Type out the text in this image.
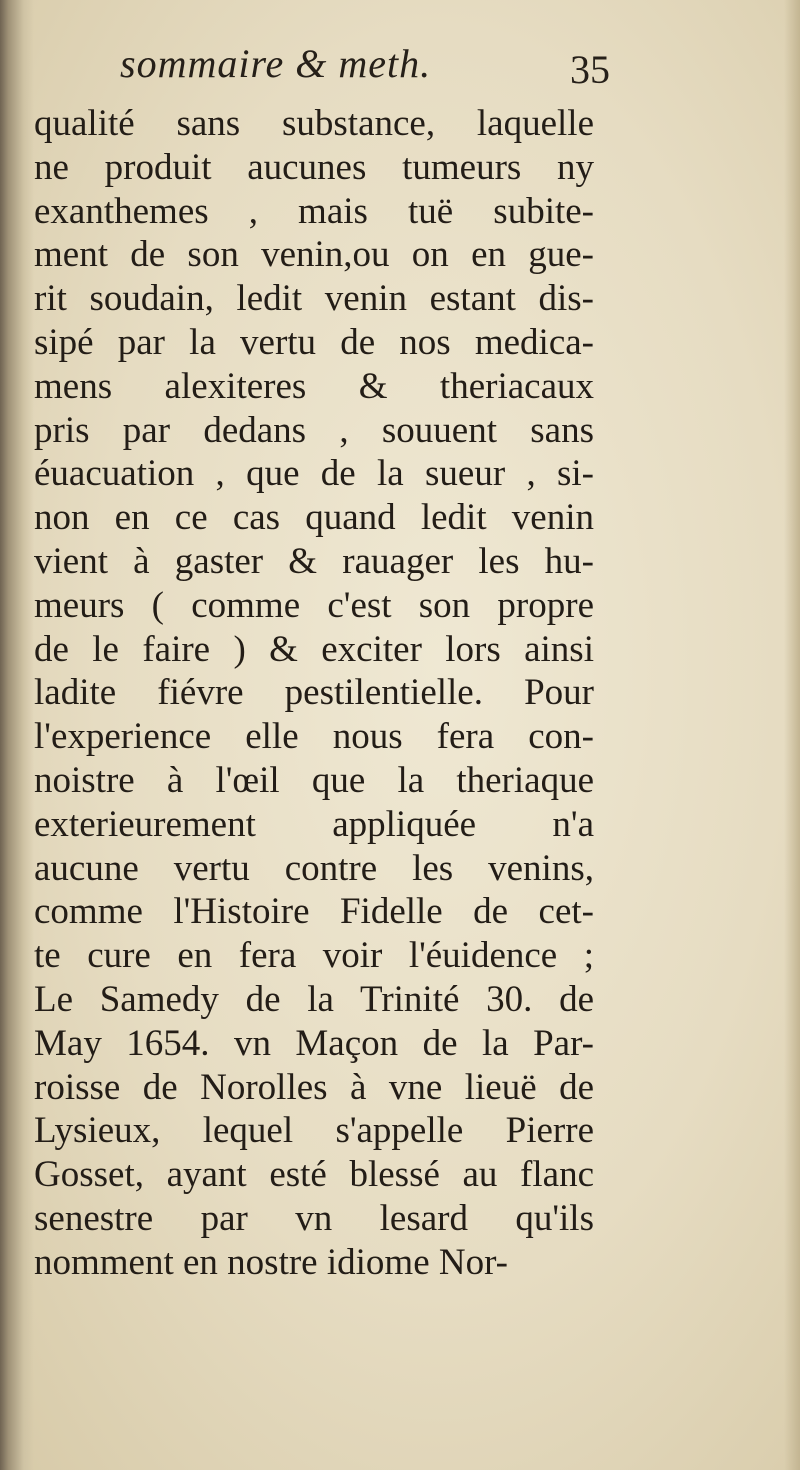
sommaire & meth.	35
qualité sans substance, laquelle
ne produit aucunes tumeurs ny
exanthemes , mais tuë subite-
ment de son venin,ou on en gue-
rit soudain, ledit venin estant dis-
sipé par la vertu de nos medica-
mens alexiteres & theriacaux
pris par dedans , souuent sans
éuacuation , que de la sueur , si-
non en ce cas quand ledit venin
vient à gaster & rauager les hu-
meurs ( comme c'est son propre
de le faire ) & exciter lors ainsi
ladite fiévre pestilentielle. Pour
l'experience elle nous fera con-
noistre à l'œil que la theriaque
exterieurement appliquée n'a
aucune vertu contre les venins,
comme l'Histoire Fidelle de cet-
te cure en fera voir l'éuidence ;
Le Samedy de la Trinité 30. de
May 1654. vn Maçon de la Par-
roisse de Norolles à vne lieuë de
Lysieux, lequel s'appelle Pierre
Gosset, ayant esté blessé au flanc
senestre par vn lesard qu'ils
nomment en nostre idiome Nor-
